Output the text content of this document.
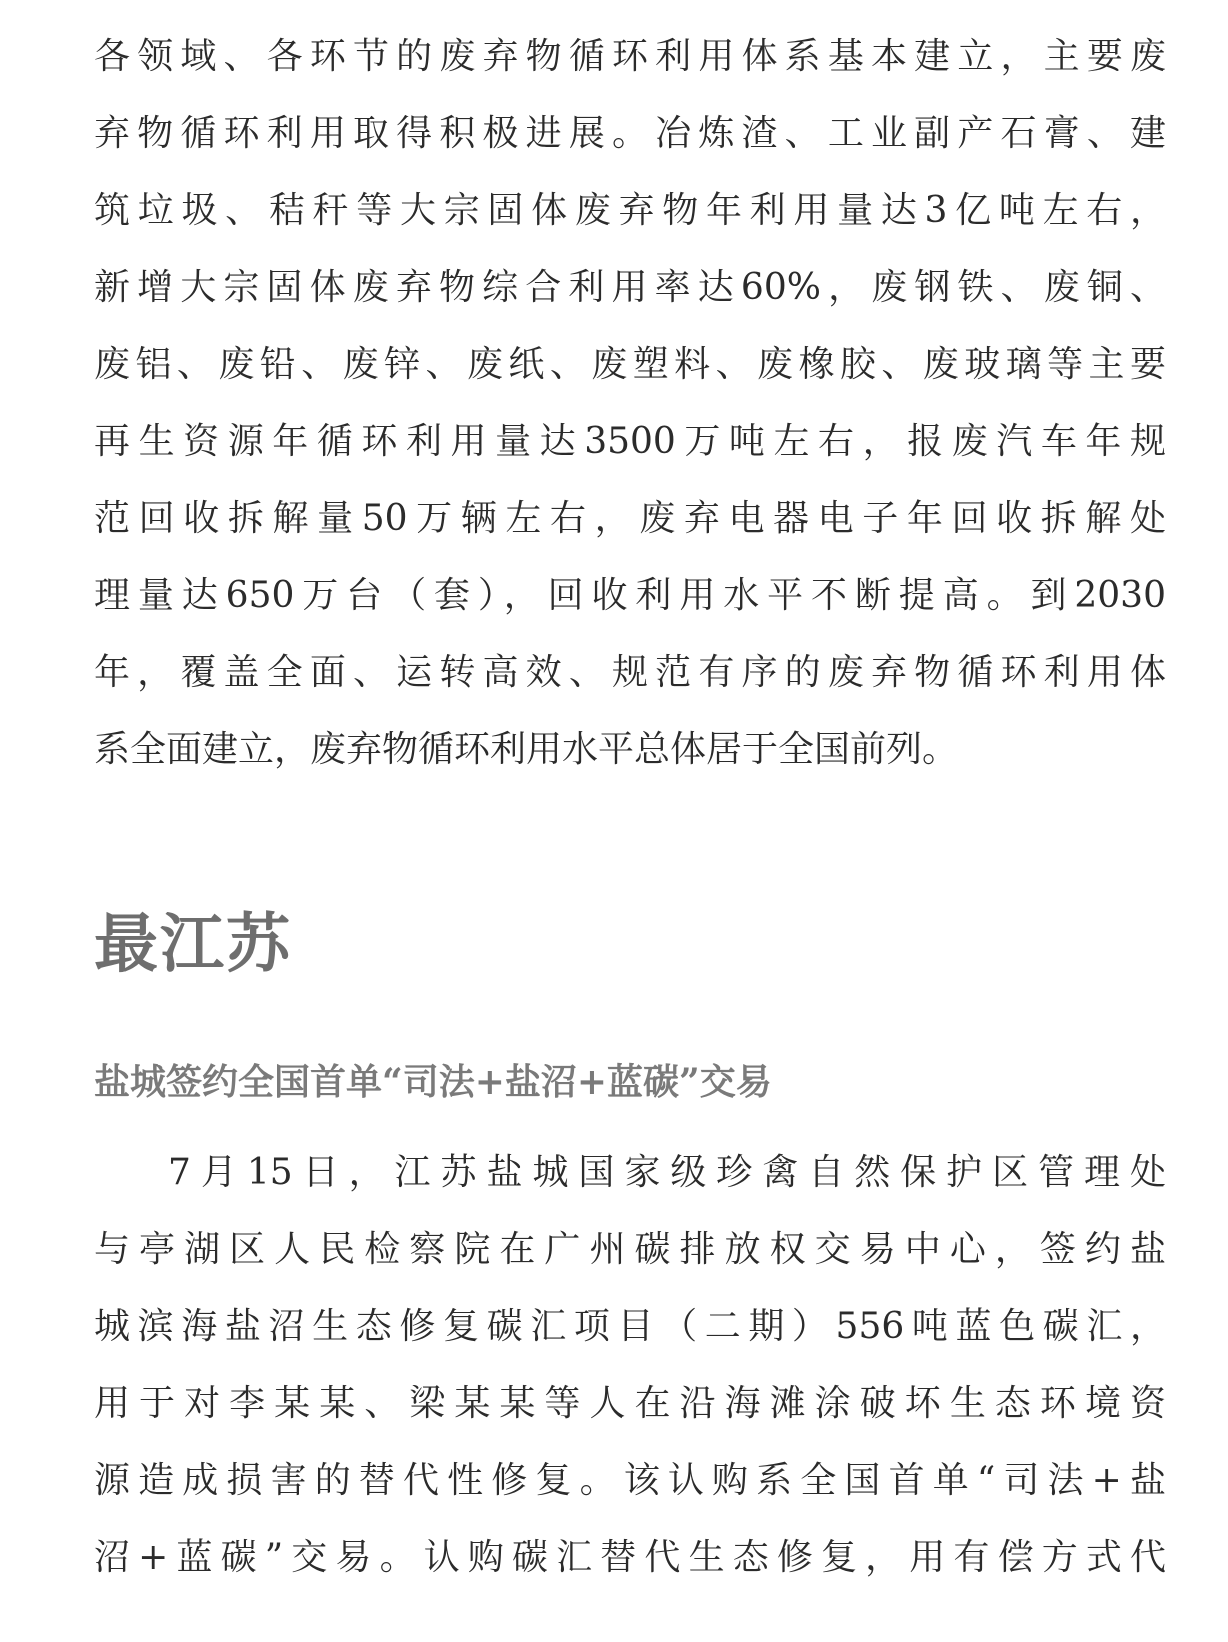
各领域、各环节的废弃物循环利用体系基本建立，主要废
弃物循环利用取得积极进展。冶炼渣、工业副产石膏、建
筑垃圾、秸秆等大宗固体废弃物年利用量达3亿吨左右，
新增大宗固体废弃物综合利用率达60%，废钢铁、废铜、
废铝、废铅、废锌、废纸、废塑料、废橡胶、废玻璃等主要
再生资源年循环利用量达3500万吨左右，报废汽车年规
范回收拆解量50万辆左右，废弃电器电子年回收拆解处
理量达650万台（套），回收利用水平不断提高。到2030
年，覆盖全面、运转高效、规范有序的废弃物循环利用体
系全面建立，废弃物循环利用水平总体居于全国前列。
最江苏
盐城签约全国首单“司法+盐沼+蓝碳”交易
7月15日，江苏盐城国家级珍禽自然保护区管理处
与亭湖区人民检察院在广州碳排放权交易中心，签约盐
城滨海盐沼生态修复碳汇项目（二期）556吨蓝色碳汇，
用于对李某某、梁某某等人在沿海滩涂破坏生态环境资
源造成损害的替代性修复。该认购系全国首单“司法+盐
沼+蓝碳”交易。认购碳汇替代生态修复，用有偿方式代
